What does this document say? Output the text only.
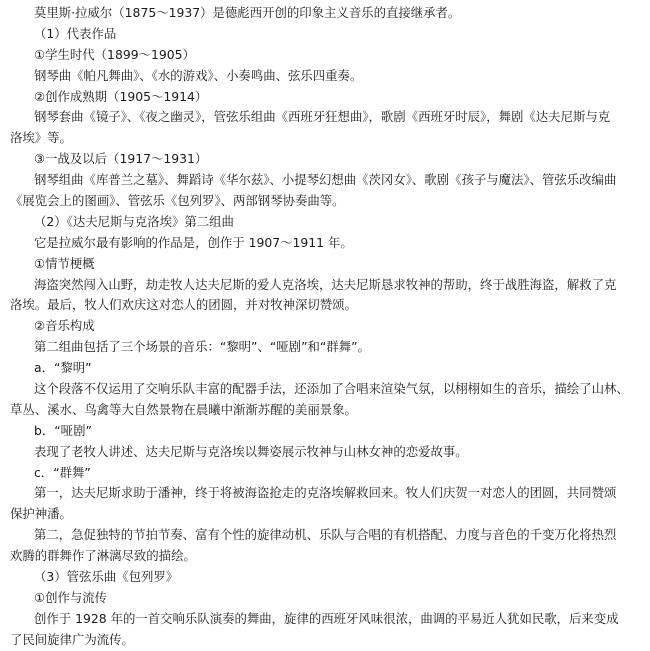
莫里斯·拉威尔（1875～1937）是德彪西开创的印象主义音乐的直接继承者。
（1）代表作品
①学生时代（1899～1905）
钢琴曲《帕凡舞曲》、《水的游戏》、小奏鸣曲、弦乐四重奏。
②创作成熟期（1905～1914）
钢琴套曲《镜子》、《夜之幽灵》，管弦乐组曲《西班牙狂想曲》，歌剧《西班牙时辰》，舞剧《达夫尼斯与克
洛埃》等。
③一战及以后（1917～1931）
钢琴组曲《库普兰之墓》、舞蹈诗《华尔兹》、小提琴幻想曲《茨冈女》、歌剧《孩子与魔法》、管弦乐改编曲
《展览会上的图画》、管弦乐《包列罗》、两部钢琴协奏曲等。
（2）《达夫尼斯与克洛埃》第二组曲
它是拉威尔最有影响的作品是，创作于 1907～1911 年。
①情节梗概
海盗突然闯入山野，劫走牧人达夫尼斯的爱人克洛埃，达夫尼斯恳求牧神的帮助，终于战胜海盗，解救了克
洛埃。最后，牧人们欢庆这对恋人的团圆，并对牧神深切赞颂。
②音乐构成
第二组曲包括了三个场景的音乐：“黎明”、“哑剧”和“群舞”。
a．“黎明”
这个段落不仅运用了交响乐队丰富的配器手法，还添加了合唱来渲染气氛，以栩栩如生的音乐，描绘了山林、
草丛、溪水、鸟禽等大自然景物在晨曦中渐渐苏醒的美丽景象。
b．“哑剧”
表现了老牧人讲述、达夫尼斯与克洛埃以舞姿展示牧神与山林女神的恋爱故事。
c．“群舞”
第一，达夫尼斯求助于潘神，终于将被海盗抢走的克洛埃解救回来。牧人们庆贺一对恋人的团圆，共同赞颂
保护神潘。
第二，急促独特的节拍节奏、富有个性的旋律动机、乐队与合唱的有机搭配、力度与音色的千变万化将热烈
欢腾的群舞作了淋漓尽致的描绘。
（3）管弦乐曲《包列罗》
①创作与流传
创作于 1928 年的一首交响乐队演奏的舞曲，旋律的西班牙风味很浓，曲调的平易近人犹如民歌，后来变成
了民间旋律广为流传。
